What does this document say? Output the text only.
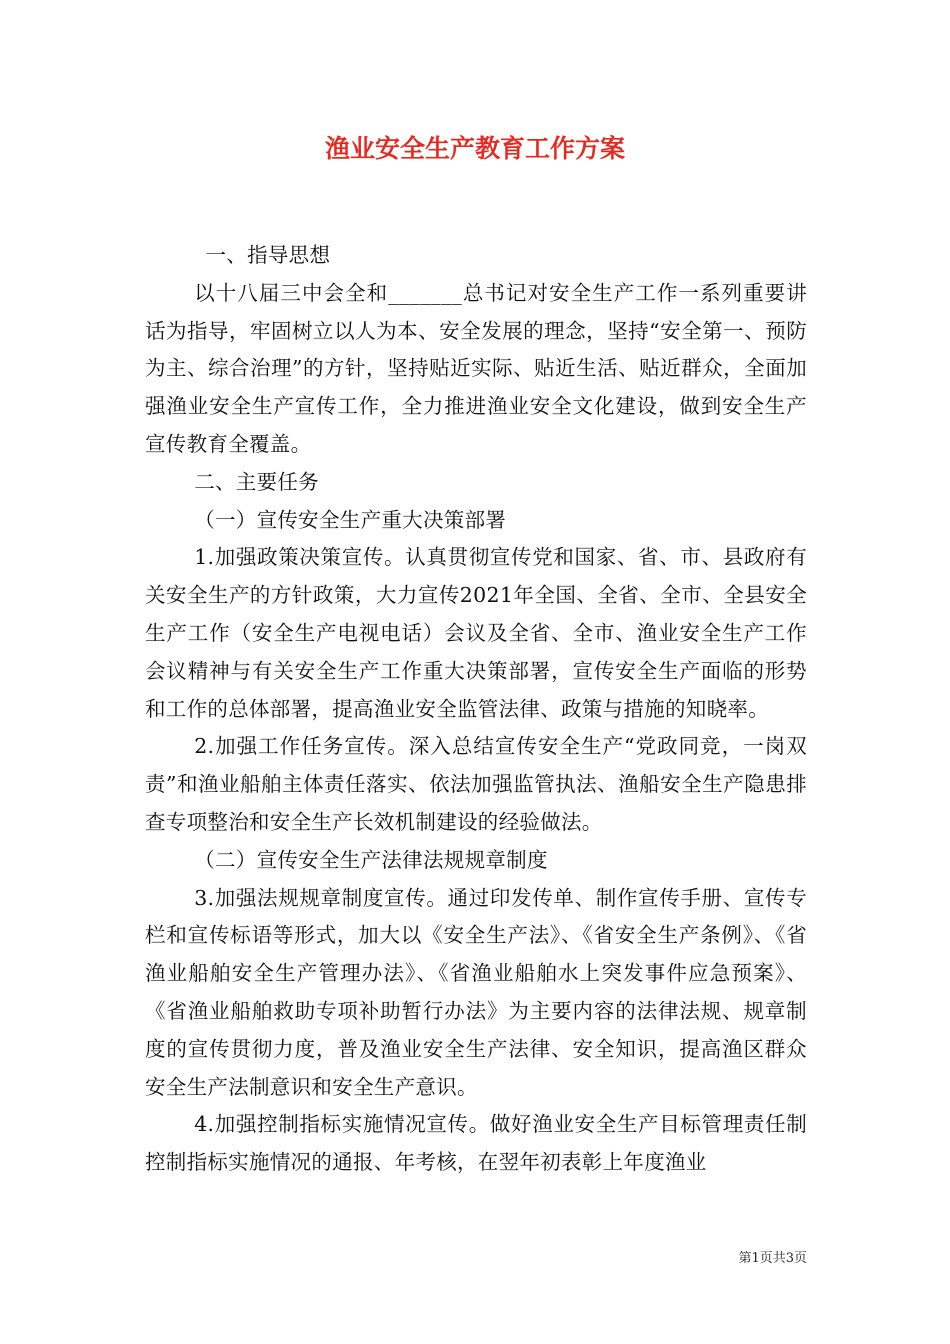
渔业安全生产教育工作方案

一、指导思想

以十八届三中会全和_______总书记对安全生产工作一系列重要讲话为指导，牢固树立以人为本、安全发展的理念，坚持“安全第一、预防为主、综合治理”的方针，坚持贴近实际、贴近生活、贴近群众，全面加强渔业安全生产宣传工作，全力推进渔业安全文化建设，做到安全生产宣传教育全覆盖。

二、主要任务

（一）宣传安全生产重大决策部署

1.加强政策决策宣传。认真贯彻宣传党和国家、省、市、县政府有关安全生产的方针政策，大力宣传2021年全国、全省、全市、全县安全生产工作（安全生产电视电话）会议及全省、全市、渔业安全生产工作会议精神与有关安全生产工作重大决策部署，宣传安全生产面临的形势和工作的总体部署，提高渔业安全监管法律、政策与措施的知晓率。

2.加强工作任务宣传。深入总结宣传安全生产“党政同竞，一岗双责”和渔业船舶主体责任落实、依法加强监管执法、渔船安全生产隐患排查专项整治和安全生产长效机制建设的经验做法。

（二）宣传安全生产法律法规规章制度

3.加强法规规章制度宣传。通过印发传单、制作宣传手册、宣传专栏和宣传标语等形式，加大以《安全生产法》、《省安全生产条例》、《省渔业船舶安全生产管理办法》、《省渔业船舶水上突发事件应急预案》、《省渔业船舶救助专项补助暂行办法》为主要内容的法律法规、规章制度的宣传贯彻力度，普及渔业安全生产法律、安全知识，提高渔区群众安全生产法制意识和安全生产意识。

4.加强控制指标实施情况宣传。做好渔业安全生产目标管理责任制控制指标实施情况的通报、年考核，在翌年初表彰上年度渔业

第1页共3页
